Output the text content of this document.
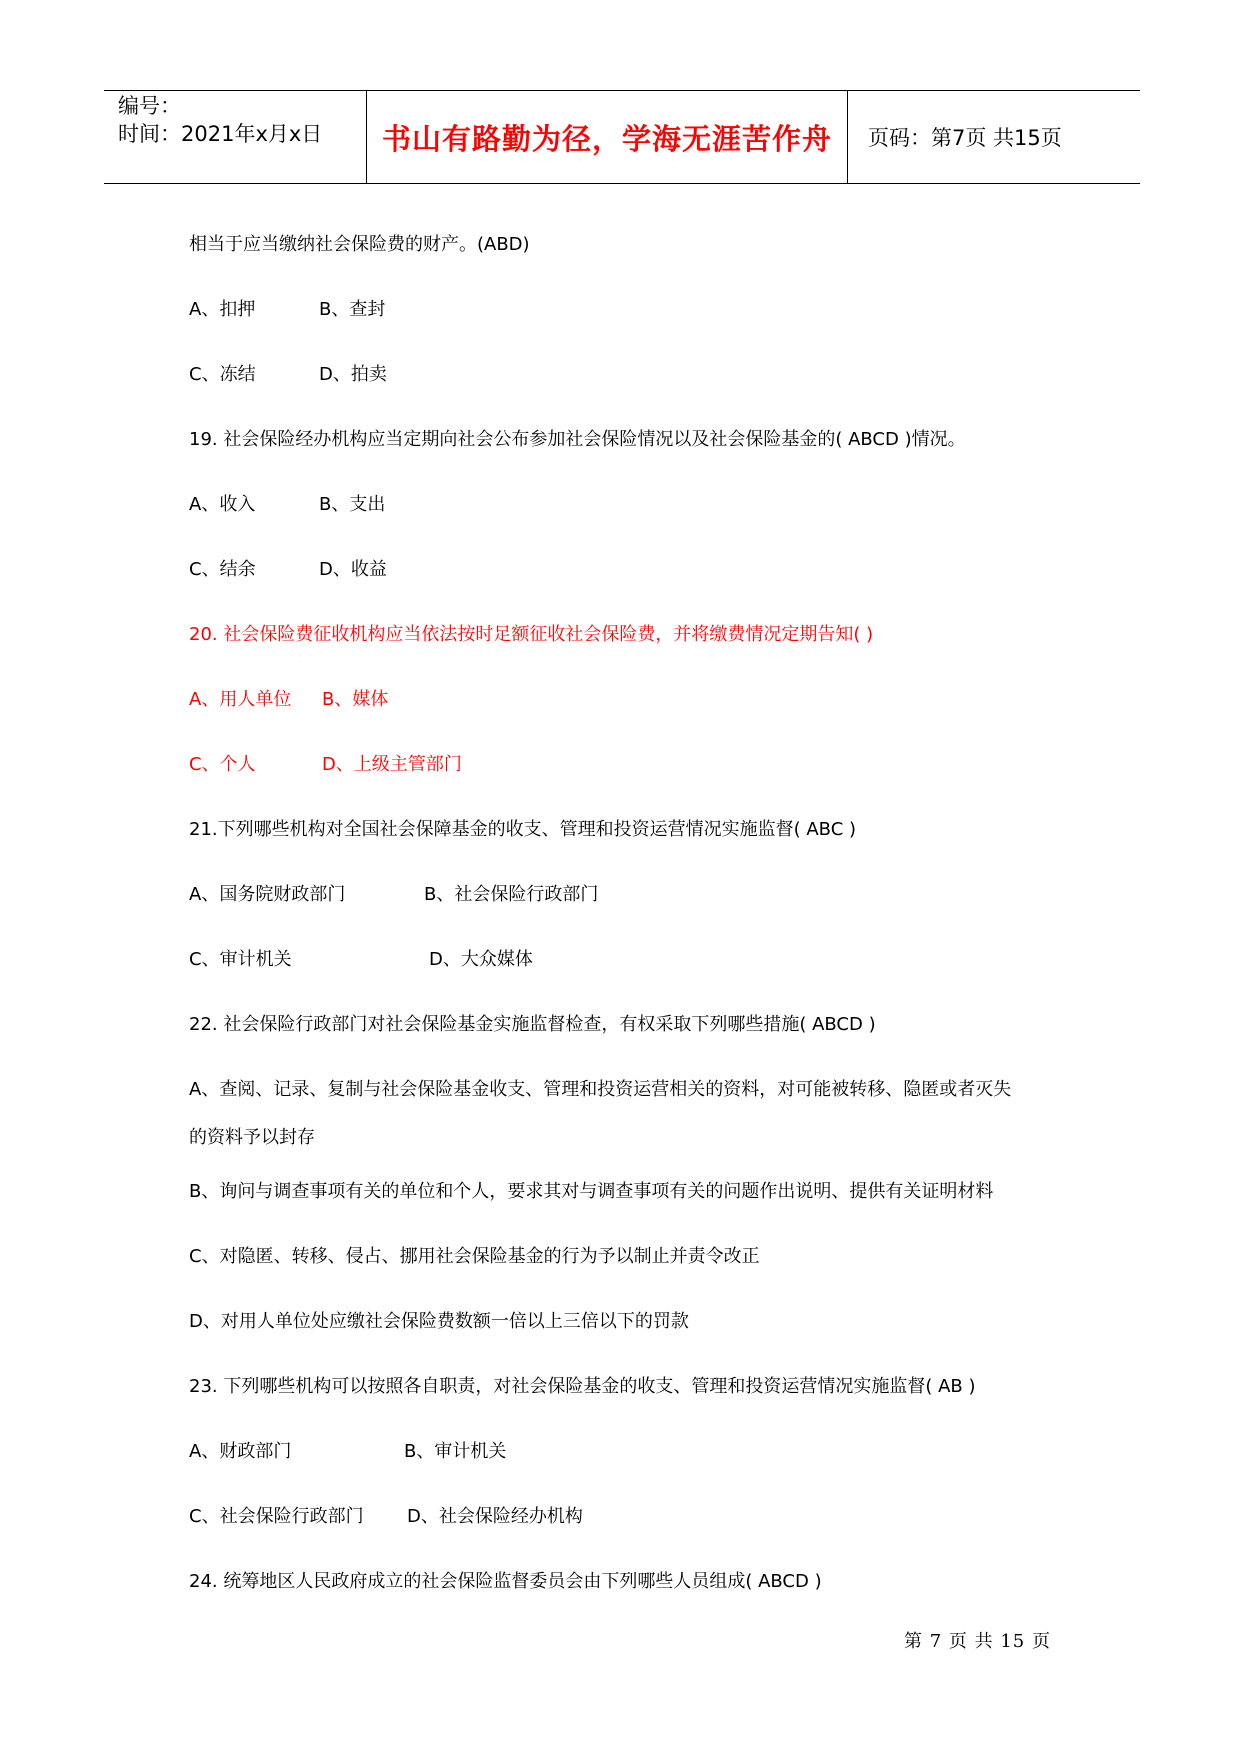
编号：
时间：2021年x月x日 书山有路勤为径，学海无涯苦作舟 页码：第7页 共15页
相当于应当缴纳社会保险费的财产。(ABD)
A、扣押	B、查封
C、冻结	D、拍卖
19. 社会保险经办机构应当定期向社会公布参加社会保险情况以及社会保险基金的( ABCD )情况。
A、收入	B、支出
C、结余	D、收益
20. 社会保险费征收机构应当依法按时足额征收社会保险费，并将缴费情况定期告知( )
A、用人单位 B、媒体
C、个人	D、上级主管部门
21.下列哪些机构对全国社会保障基金的收支、管理和投资运营情况实施监督( ABC )
A、国务院财政部门	B、社会保险行政部门
C、审计机关	D、大众媒体
22. 社会保险行政部门对社会保险基金实施监督检查，有权采取下列哪些措施( ABCD )
A、查阅、记录、复制与社会保险基金收支、管理和投资运营相关的资料，对可能被转移、隐匿或者灭失
的资料予以封存
B、询问与调查事项有关的单位和个人，要求其对与调查事项有关的问题作出说明、提供有关证明材料
C、对隐匿、转移、侵占、挪用社会保险基金的行为予以制止并责令改正
D、对用人单位处应缴社会保险费数额一倍以上三倍以下的罚款
23. 下列哪些机构可以按照各自职责，对社会保险基金的收支、管理和投资运营情况实施监督( AB )
A、财政部门	B、审计机关
C、社会保险行政部门 D、社会保险经办机构
24. 统筹地区人民政府成立的社会保险监督委员会由下列哪些人员组成( ABCD )
第 7 页 共 15 页
